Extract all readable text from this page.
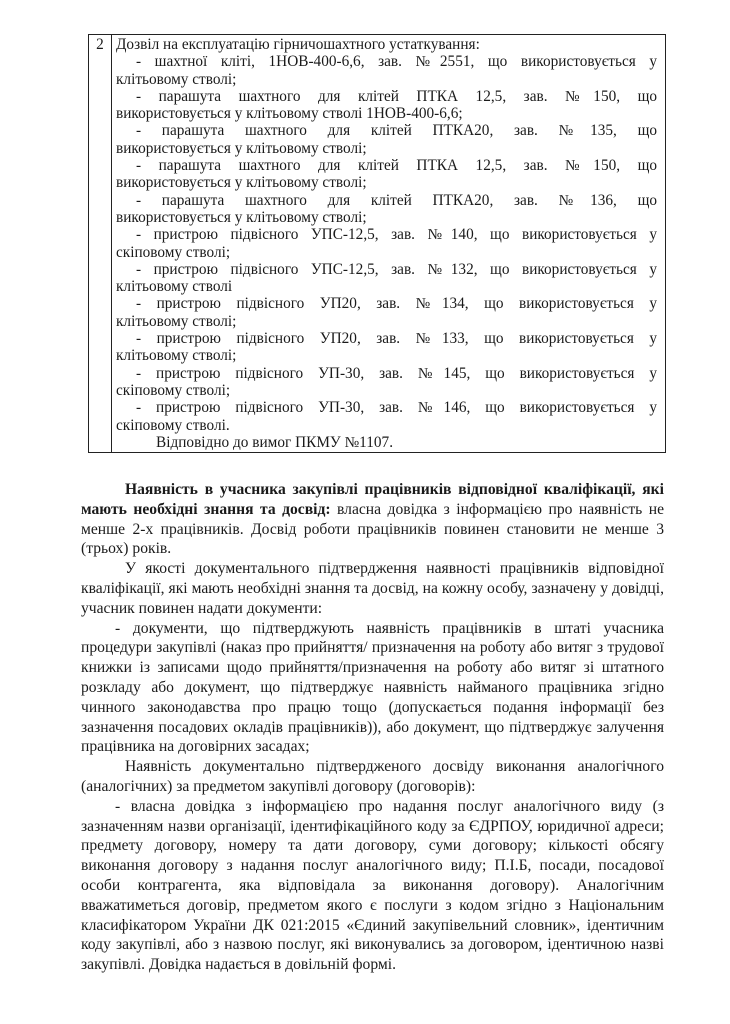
2	Дозвіл на експлуатацію гірничошахтного устаткування:
- шахтної кліті, 1НОВ-400-6,6, зав. №2551, що використовується у
клітьовому стволі;
- парашута шахтного для клітей ПТКА 12,5, зав. №150, що
використовується у клітьовому стволі 1НОВ-400-6,6;
- парашута шахтного для клітей ПТКА20, зав. №135, що
використовується у клітьовому стволі;
- парашута шахтного для клітей ПТКА 12,5, зав. №150, що
використовується у клітьовому стволі;
- парашута шахтного для клітей ПТКА20, зав. №136, що
використовується у клітьовому стволі;
- пристрою підвісного УПС-12,5, зав. №140, що використовується у
скіповому стволі;
- пристрою підвісного УПС-12,5, зав. №132, що використовується у
клітьовому стволі
- пристрою підвісного УП20, зав. №134, що використовується у
клітьовому стволі;
- пристрою підвісного УП20, зав. №133, що використовується у
клітьовому стволі;
- пристрою підвісного УП-30, зав. №145, що використовується у
скіповому стволі;
- пристрою підвісного УП-30, зав. №146, що використовується у
скіповому стволі.
Відповідно до вимог ПКМУ №1107.

Наявність в учасника закупівлі працівників відповідної кваліфікації, які мають необхідні знання та досвід: власна довідка з інформацією про наявність не менше 2-х працівників. Досвід роботи працівників повинен становити не менше 3 (трьох) років.

У якості документального підтвердження наявності працівників відповідної кваліфікації, які мають необхідні знання та досвід, на кожну особу, зазначену у довідці, учасник повинен надати документи:

- документи, що підтверджують наявність працівників в штаті учасника процедури закупівлі (наказ про прийняття/ призначення на роботу або витяг з трудової книжки із записами щодо прийняття/призначення на роботу або витяг зі штатного розкладу або документ, що підтверджує наявність найманого працівника згідно чинного законодавства про працю тощо (допускається подання інформації без зазначення посадових окладів працівників)), або документ, що підтверджує залучення працівника на договірних засадах;

Наявність документально підтвердженого досвіду виконання аналогічного (аналогічних) за предметом закупівлі договору (договорів):

- власна довідка з інформацією про надання послуг аналогічного виду (з зазначенням назви організації, ідентифікаційного коду за ЄДРПОУ, юридичної адреси; предмету договору, номеру та дати договору, суми договору; кількості обсягу виконання договору з надання послуг аналогічного виду; П.І.Б, посади, посадової особи контрагента, яка відповідала за виконання договору). Аналогічним вважатиметься договір, предметом якого є послуги з кодом згідно з Національним класифікатором України ДК 021:2015 «Єдиний закупівельний словник», ідентичним коду закупівлі, або з назвою послуг, які виконувались за договором, ідентичною назві закупівлі. Довідка надається в довільній формі.
